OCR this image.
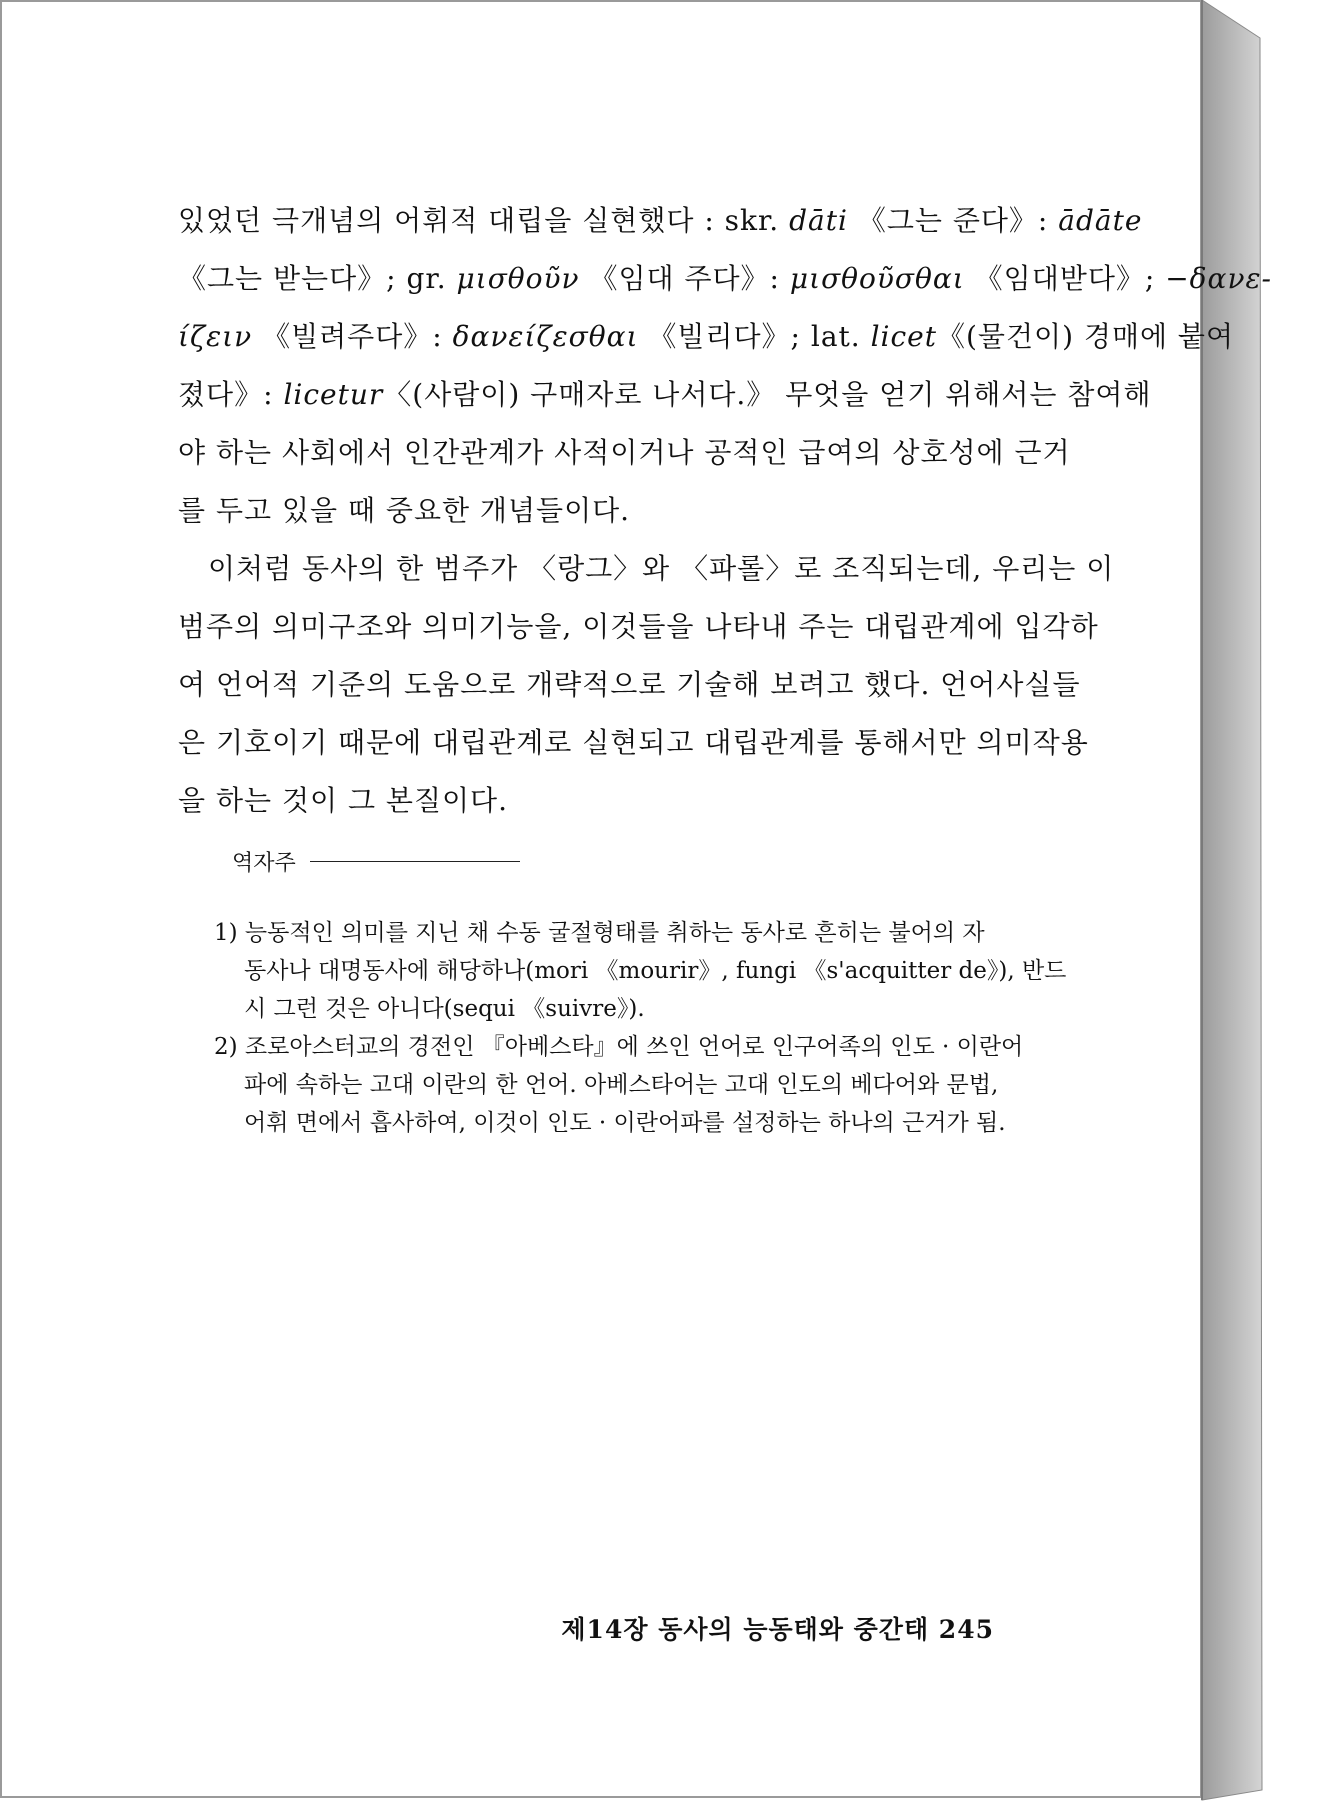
있었던 극개념의 어휘적 대립을 실현했다 : skr. dāti 《그는 준다》: ādāte
《그는 받는다》; gr. μισθοῦν 《임대 주다》: μισθοῦσθαι 《임대받다》; −δανε-
ίζειν 《빌려주다》: δανείζεσθαι 《빌리다》; lat. licet《(물건이) 경매에 붙여
졌다》: licetur〈(사람이) 구매자로 나서다.》 무엇을 얻기 위해서는 참여해
야 하는 사회에서 인간관계가 사적이거나 공적인 급여의 상호성에 근거
를 두고 있을 때 중요한 개념들이다.
이처럼 동사의 한 범주가 〈랑그〉와 〈파롤〉로 조직되는데, 우리는 이
범주의 의미구조와 의미기능을, 이것들을 나타내 주는 대립관계에 입각하
여 언어적 기준의 도움으로 개략적으로 기술해 보려고 했다. 언어사실들
은 기호이기 때문에 대립관계로 실현되고 대립관계를 통해서만 의미작용
을 하는 것이 그 본질이다.
역자주
1) 능동적인 의미를 지닌 채 수동 굴절형태를 취하는 동사로 흔히는 불어의 자
동사나 대명동사에 해당하나(mori 《mourir》, fungi 《s'acquitter de》), 반드
시 그런 것은 아니다(sequi 《suivre》).
2) 조로아스터교의 경전인 『아베스타』에 쓰인 언어로 인구어족의 인도 · 이란어
파에 속하는 고대 이란의 한 언어. 아베스타어는 고대 인도의 베다어와 문법,
어휘 면에서 흡사하여, 이것이 인도 · 이란어파를 설정하는 하나의 근거가 됨.
제14장 동사의 능동태와 중간태 245
